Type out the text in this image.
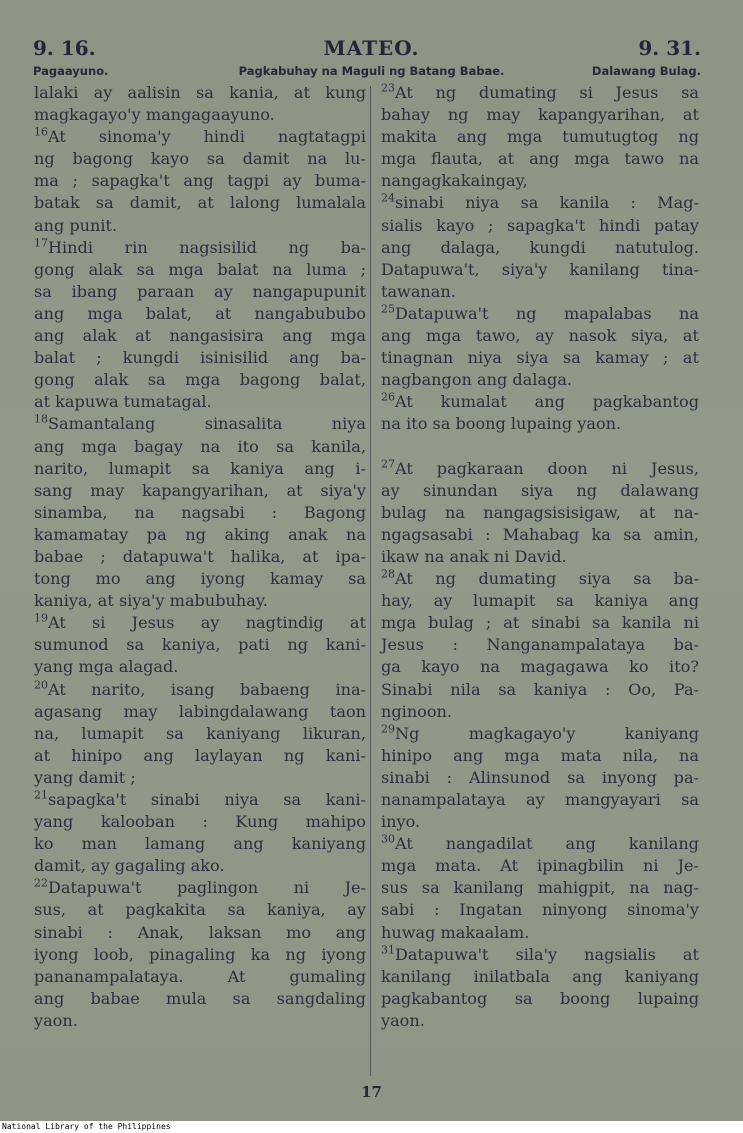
9. 16.	MATEO.	9. 31.
Pagaayuno.	Pagkabuhay na Maguli ng Batang Babae.	Dalawang Bulag.
lalaki ay aalisin sa kania, at kung
magkagayo'y mangagaayuno.
$^{16}$At sinoma'y hindi nagtatagpi
ng bagong kayo sa damit na lu-
ma ; sapagka't ang tagpi ay buma-
batak sa damit, at lalong lumalala
ang punit.
$^{17}$Hindi rin nagsisilid ng ba-
gong alak sa mga balat na luma ;
sa ibang paraan ay nangapupunit
ang mga balat, at nangabububo
ang alak at nangasisira ang mga
balat ; kungdi isinisilid ang ba-
gong alak sa mga bagong balat,
at kapuwa tumatagal.
$^{18}$Samantalang sinasalita niya
ang mga bagay na ito sa kanila,
narito, lumapit sa kaniya ang i-
sang may kapangyarihan, at siya'y
sinamba, na nagsabi : Bagong
kamamatay pa ng aking anak na
babae ; datapuwa't halika, at ipa-
tong mo ang iyong kamay sa
kaniya, at siya'y mabubuhay.
$^{19}$At si Jesus ay nagtindig at
sumunod sa kaniya, pati ng kani-
yang mga alagad.
$^{20}$At narito, isang babaeng ina-
agasang may labingdalawang taon
na, lumapit sa kaniyang likuran,
at hinipo ang laylayan ng kani-
yang damit ;
$^{21}$sapagka't sinabi niya sa kani-
yang kalooban : Kung mahipo
ko man lamang ang kaniyang
damit, ay gagaling ako.
$^{22}$Datapuwa't paglingon ni Je-
sus, at pagkakita sa kaniya, ay
sinabi : Anak, laksan mo ang
iyong loob, pinagaling ka ng iyong
pananampalataya. At gumaling
ang babae mula sa sangdaling
yaon.
$^{23}$At ng dumating si Jesus sa
bahay ng may kapangyarihan, at
makita ang mga tumutugtog ng
mga flauta, at ang mga tawo na
nangagkakaingay,
$^{24}$sinabi niya sa kanila : Mag-
sialis kayo ; sapagka't hindi patay
ang dalaga, kungdi natutulog.
Datapuwa't, siya'y kanilang tina-
tawanan.
$^{25}$Datapuwa't ng mapalabas na
ang mga tawo, ay nasok siya, at
tinagnan niya siya sa kamay ; at
nagbangon ang dalaga.
$^{26}$At kumalat ang pagkabantog
na ito sa boong lupaing yaon.
$^{27}$At pagkaraan doon ni Jesus,
ay sinundan siya ng dalawang
bulag na nangagsisisigaw, at na-
ngagsasabi : Mahabag ka sa amin,
ikaw na anak ni David.
$^{28}$At ng dumating siya sa ba-
hay, ay lumapit sa kaniya ang
mga bulag ; at sinabi sa kanila ni
Jesus : Nanganampalataya ba-
ga kayo na magagawa ko ito?
Sinabi nila sa kaniya : Oo, Pa-
nginoon.
$^{29}$Ng magkagayo'y kaniyang
hinipo ang mga mata nila, na
sinabi : Alinsunod sa inyong pa-
nanampalataya ay mangyayari sa
inyo.
$^{30}$At nangadilat ang kanilang
mga mata. At ipinagbilin ni Je-
sus sa kanilang mahigpit, na nag-
sabi : Ingatan ninyong sinoma'y
huwag makaalam.
$^{31}$Datapuwa't sila'y nagsialis at
kanilang inilatbala ang kaniyang
pagkabantog sa boong lupaing
yaon.
17
National Library of the Philippines
